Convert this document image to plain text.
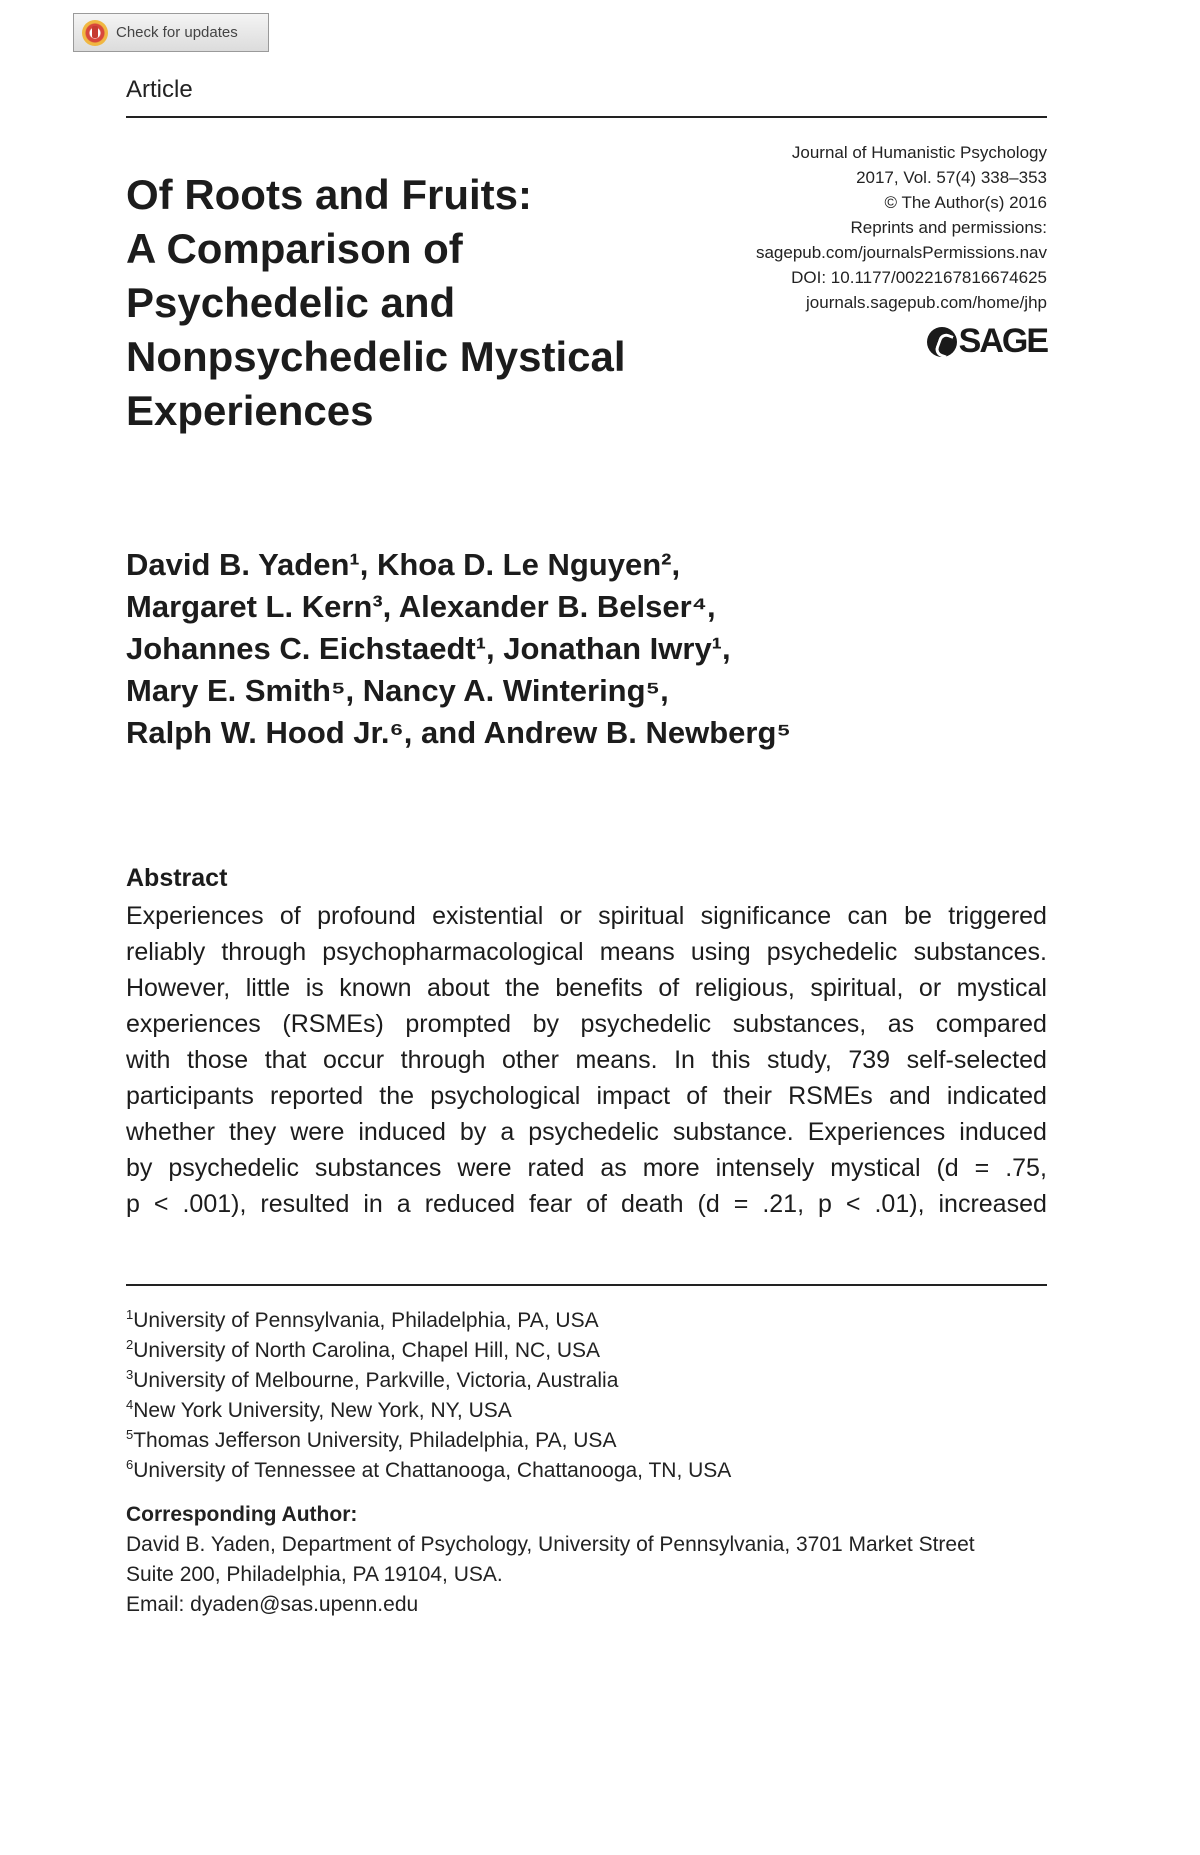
Check for updates
Article
Of Roots and Fruits:
A Comparison of
Psychedelic and
Nonpsychedelic Mystical
Experiences
Journal of Humanistic Psychology
2017, Vol. 57(4) 338–353
© The Author(s) 2016
Reprints and permissions:
sagepub.com/journalsPermissions.nav
DOI: 10.1177/0022167816674625
journals.sagepub.com/home/jhp
SAGE
David B. Yaden¹, Khoa D. Le Nguyen²,
Margaret L. Kern³, Alexander B. Belser⁴,
Johannes C. Eichstaedt¹, Jonathan Iwry¹,
Mary E. Smith⁵, Nancy A. Wintering⁵,
Ralph W. Hood Jr.⁶, and Andrew B. Newberg⁵
Abstract
Experiences of profound existential or spiritual significance can be triggered
reliably through psychopharmacological means using psychedelic substances.
However, little is known about the benefits of religious, spiritual, or mystical
experiences (RSMEs) prompted by psychedelic substances, as compared
with those that occur through other means. In this study, 739 self-selected
participants reported the psychological impact of their RSMEs and indicated
whether they were induced by a psychedelic substance. Experiences induced
by psychedelic substances were rated as more intensely mystical (d = .75,
p < .001), resulted in a reduced fear of death (d = .21, p < .01), increased
$^1$University of Pennsylvania, Philadelphia, PA, USA
$^2$University of North Carolina, Chapel Hill, NC, USA
$^3$University of Melbourne, Parkville, Victoria, Australia
$^4$New York University, New York, NY, USA
$^5$Thomas Jefferson University, Philadelphia, PA, USA
$^6$University of Tennessee at Chattanooga, Chattanooga, TN, USA
Corresponding Author:
David B. Yaden, Department of Psychology, University of Pennsylvania, 3701 Market Street
Suite 200, Philadelphia, PA 19104, USA.
Email: dyaden@sas.upenn.edu
